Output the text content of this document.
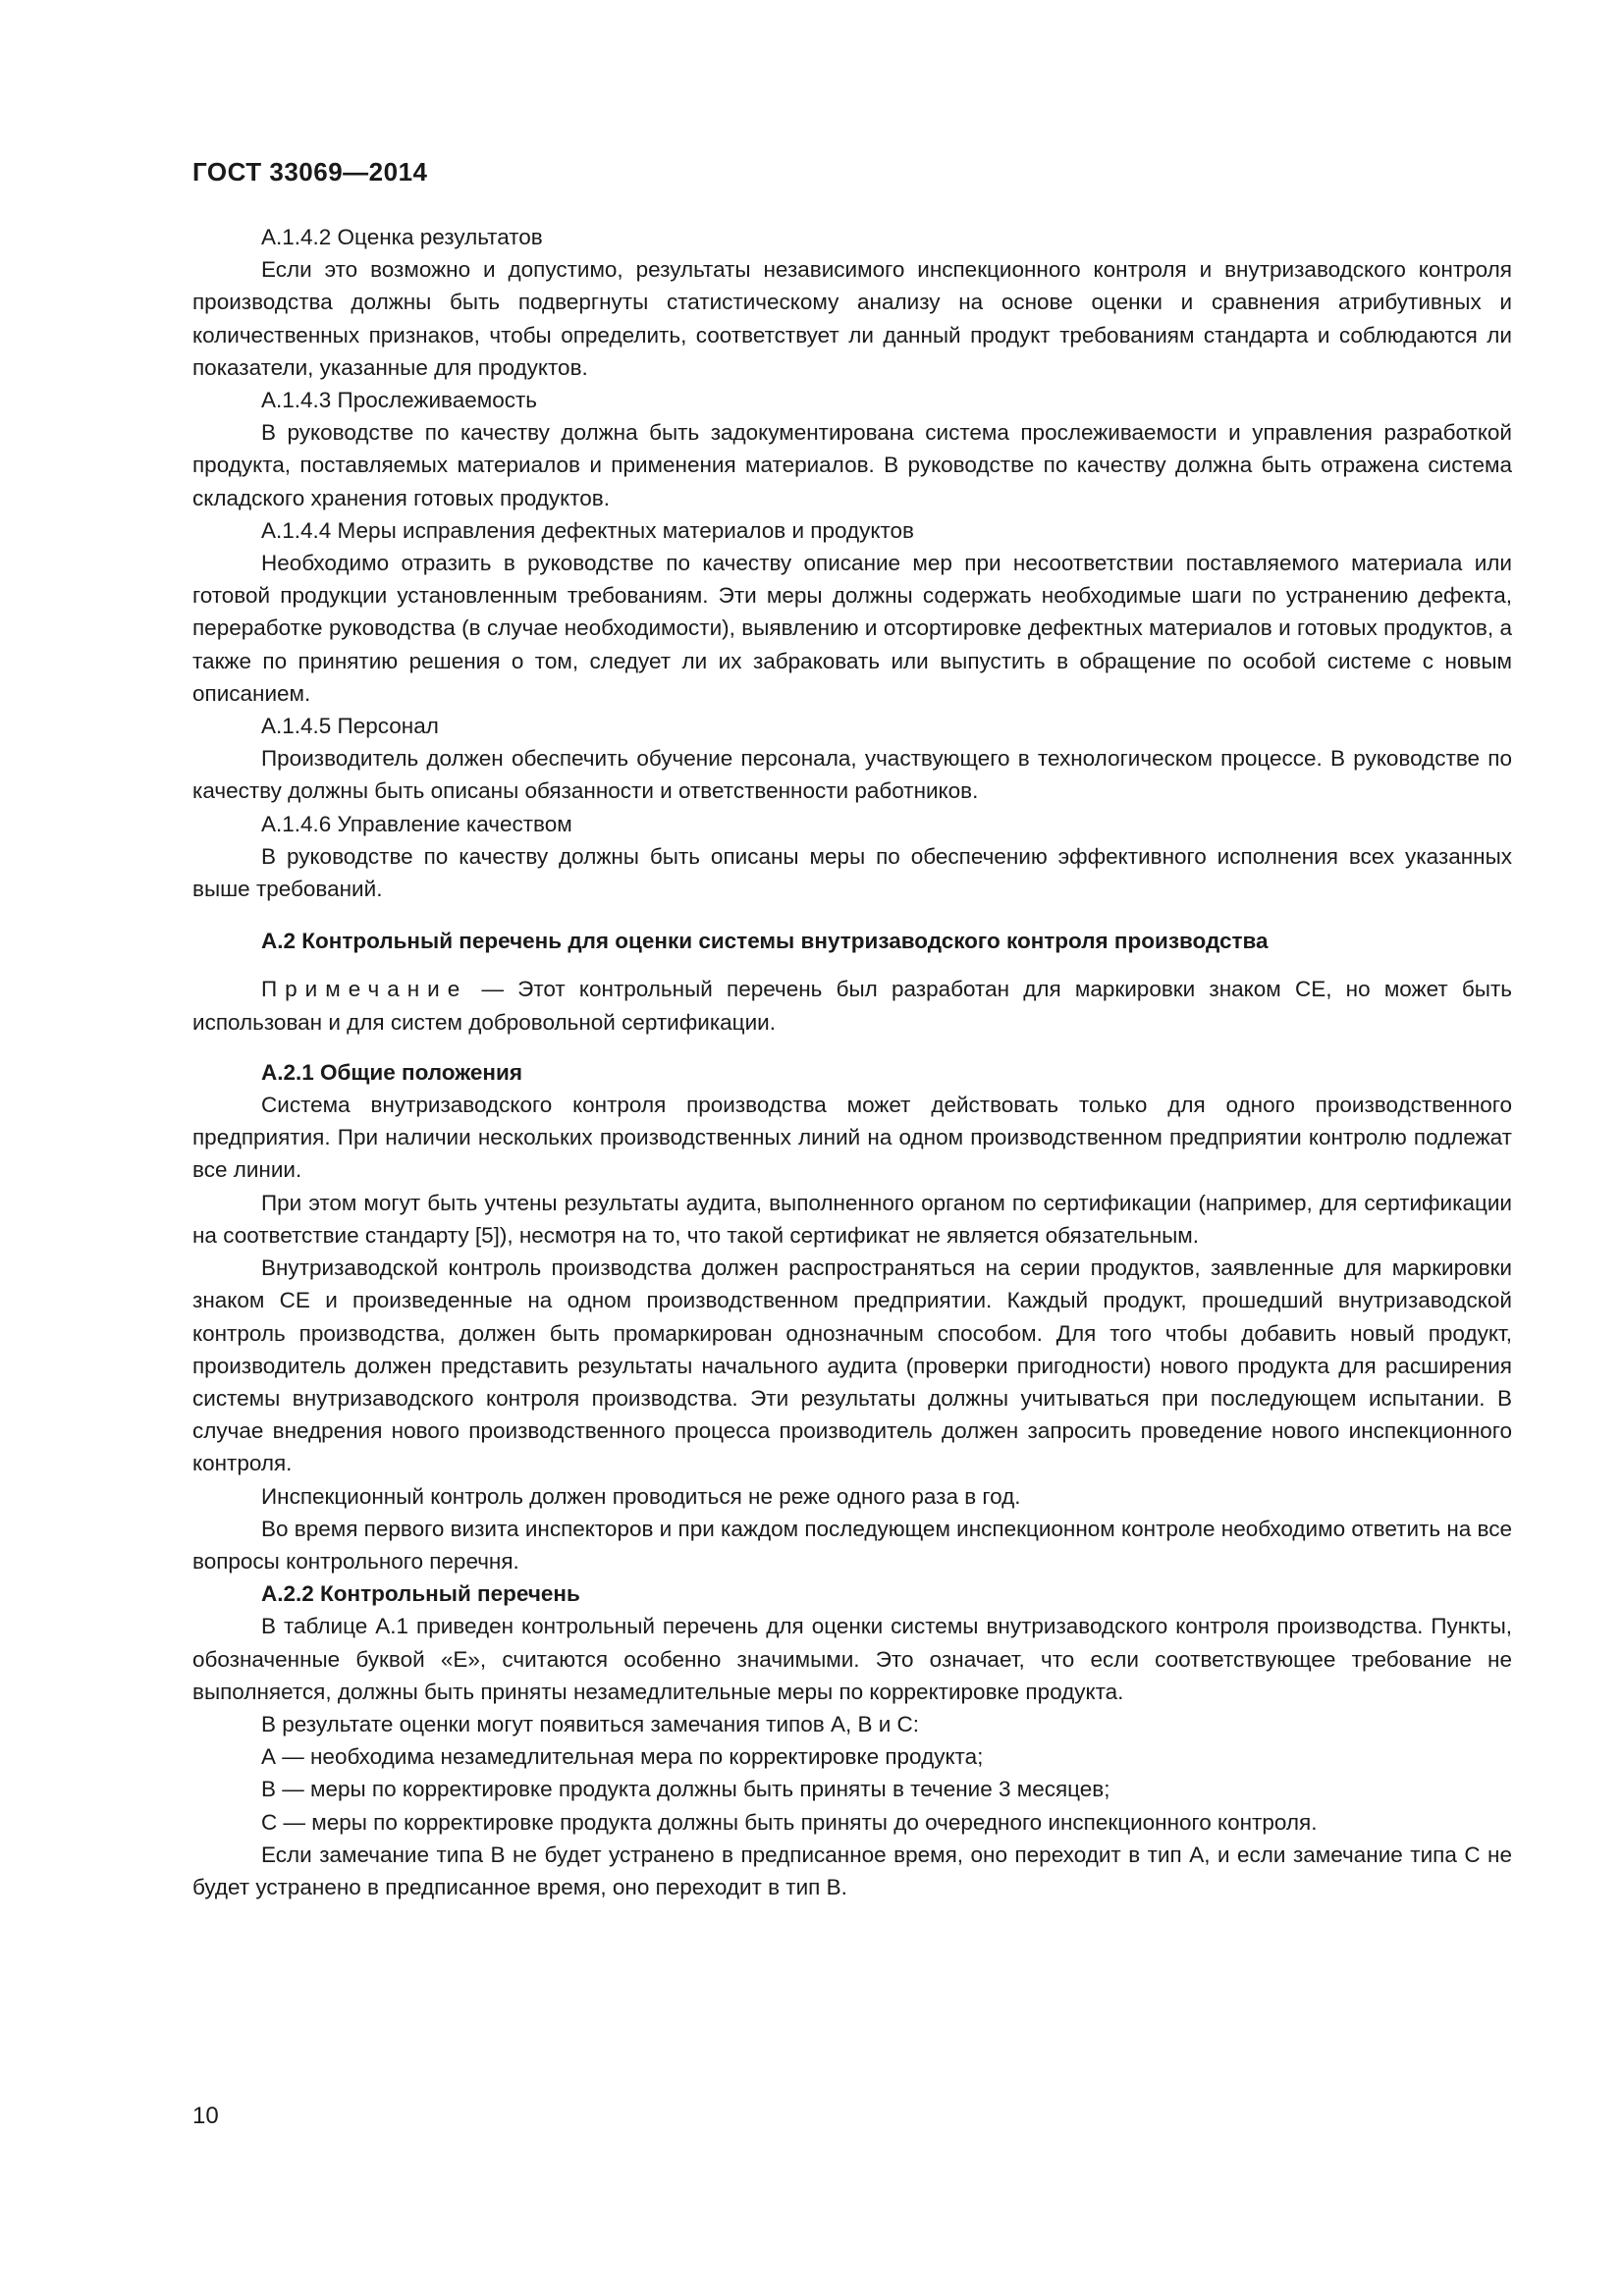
ГОСТ 33069—2014

А.1.4.2 Оценка результатов

Если это возможно и допустимо, результаты независимого инспекционного контроля и внутризаводского контроля производства должны быть подвергнуты статистическому анализу на основе оценки и сравнения атрибутивных и количественных признаков, чтобы определить, соответствует ли данный продукт требованиям стандарта и соблюдаются ли показатели, указанные для продуктов.

А.1.4.3 Прослеживаемость

В руководстве по качеству должна быть задокументирована система прослеживаемости и управления разработкой продукта, поставляемых материалов и применения материалов. В руководстве по качеству должна быть отражена система складского хранения готовых продуктов.

А.1.4.4 Меры исправления дефектных материалов и продуктов

Необходимо отразить в руководстве по качеству описание мер при несоответствии поставляемого материала или готовой продукции установленным требованиям. Эти меры должны содержать необходимые шаги по устранению дефекта, переработке руководства (в случае необходимости), выявлению и отсортировке дефектных материалов и готовых продуктов, а также по принятию решения о том, следует ли их забраковать или выпустить в обращение по особой системе с новым описанием.

А.1.4.5 Персонал

Производитель должен обеспечить обучение персонала, участвующего в технологическом процессе. В руководстве по качеству должны быть описаны обязанности и ответственности работников.

А.1.4.6 Управление качеством

В руководстве по качеству должны быть описаны меры по обеспечению эффективного исполнения всех указанных выше требований.

А.2 Контрольный перечень для оценки системы внутризаводского контроля производства

Примечание — Этот контрольный перечень был разработан для маркировки знаком CE, но может быть использован и для систем добровольной сертификации.

А.2.1 Общие положения

Система внутризаводского контроля производства может действовать только для одного производственного предприятия. При наличии нескольких производственных линий на одном производственном предприятии контролю подлежат все линии.

При этом могут быть учтены результаты аудита, выполненного органом по сертификации (например, для сертификации на соответствие стандарту [5]), несмотря на то, что такой сертификат не является обязательным.

Внутризаводской контроль производства должен распространяться на серии продуктов, заявленные для маркировки знаком CE и произведенные на одном производственном предприятии. Каждый продукт, прошедший внутризаводской контроль производства, должен быть промаркирован однозначным способом. Для того чтобы добавить новый продукт, производитель должен представить результаты начального аудита (проверки пригодности) нового продукта для расширения системы внутризаводского контроля производства. Эти результаты должны учитываться при последующем испытании. В случае внедрения нового производственного процесса производитель должен запросить проведение нового инспекционного контроля.

Инспекционный контроль должен проводиться не реже одного раза в год.

Во время первого визита инспекторов и при каждом последующем инспекционном контроле необходимо ответить на все вопросы контрольного перечня.

А.2.2 Контрольный перечень

В таблице А.1 приведен контрольный перечень для оценки системы внутризаводского контроля производства. Пункты, обозначенные буквой «E», считаются особенно значимыми. Это означает, что если соответствующее требование не выполняется, должны быть приняты незамедлительные меры по корректировке продукта.

В результате оценки могут появиться замечания типов А, В и С:

А — необходима незамедлительная мера по корректировке продукта;

В — меры по корректировке продукта должны быть приняты в течение 3 месяцев;

С — меры по корректировке продукта должны быть приняты до очередного инспекционного контроля.

Если замечание типа В не будет устранено в предписанное время, оно переходит в тип А, и если замечание типа С не будет устранено в предписанное время, оно переходит в тип В.

10
